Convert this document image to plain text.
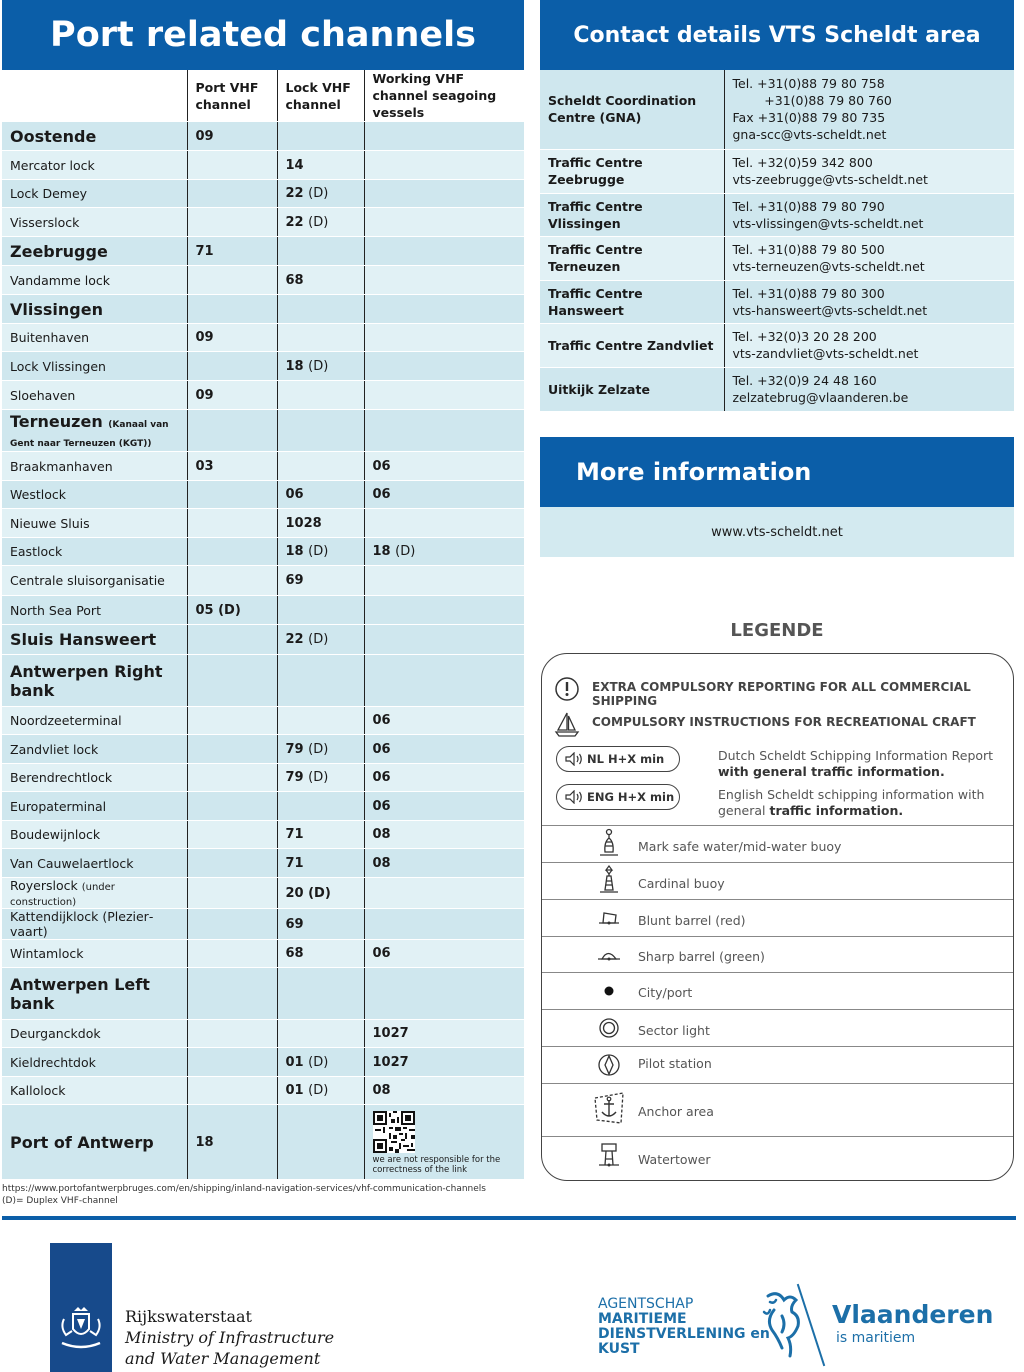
Port related channels	Contact details VTS Scheldt area
More information
	Port VHF channel	Lock VHF channel	Working VHF channel seagoing vessels
Oostende	09		
Mercator lock		14	
Lock Demey		22 (D)	
Visserslock		22 (D)	
Zeebrugge	71		
Vandamme lock		68	
Vlissingen			
Buitenhaven	09		
Lock Vlissingen		18 (D)	
Sloehaven	09		
Terneuzen (Kanaal van Gent naar Terneuzen (KGT))			
Braakmanhaven	03		06
Westlock		06	06
Nieuwe Sluis		1028	
Eastlock		18 (D)	18 (D)
Centrale sluisorganisatie		69	
North Sea Port	05 (D)		
Sluis Hansweert		22 (D)	
Antwerpen Right bank			
Noordzeeterminal			06
Zandvliet lock		79 (D)	06
Berendrechtlock		79 (D)	06
Europaterminal			06
Boudewijnlock		71	08
Van Cauwelaertlock		71	08
Royerslock (under construction)		20 (D)	
Kattendijklock (Pleziervaart)		69	
Wintamlock		68	06
Antwerpen Left bank			
Deurganckdok			1027
Kieldrechtdok		01 (D)	1027
Kallolock		01 (D)	08
Port of Antwerp	18		we are not responsible for the correctness of the link
Scheldt Coordination Centre (GNA)	Tel. +31(0)88 79 80 758
+31(0)88 79 80 760
Fax +31(0)88 79 80 735
gna-scc@vts-scheldt.net

Traffic Centre Zeebrugge	Tel. +32(0)59 342 800
vts-zeebrugge@vts-scheldt.net

Traffic Centre Vlissingen	Tel. +31(0)88 79 80 790
vts-vlissingen@vts-scheldt.net

Traffic Centre Terneuzen	Tel. +31(0)88 79 80 500
vts-terneuzen@vts-scheldt.net

Traffic Centre Hansweert	Tel. +31(0)88 79 80 300
vts-hansweert@vts-scheldt.net

Traffic Centre Zandvliet	Tel. +32(0)3 20 28 200
vts-zandvliet@vts-scheldt.net

Uitkijk Zelzate	Tel. +32(0)9 24 48 160
zelzatebrug@vlaanderen.be
www.vts-scheldt.net
LEGENDE
EXTRA COMPULSORY REPORTING FOR ALL COMMERCIAL SHIPPING
COMPULSORY INSTRUCTIONS FOR RECREATIONAL CRAFT
NL H+X min	Dutch Scheldt Schipping Information Report
with general traffic information.
ENG H+X min	English Scheldt schipping information with
general traffic information.
Mark safe water/mid-water buoy
Cardinal buoy
Blunt barrel (red)
Sharp barrel (green)
City/port
Sector light
Pilot station
Anchor area
Watertower
https://www.portofantwerpbruges.com/en/shipping/inland-navigation-services/vhf-communication-channels
(D)= Duplex VHF-channel
Rijkswaterstaat
Ministry of Infrastructure
and Water Management
AGENTSCHAP
MARITIEME
DIENSTVERLENING en
KUST
Vlaanderen
is maritiem
